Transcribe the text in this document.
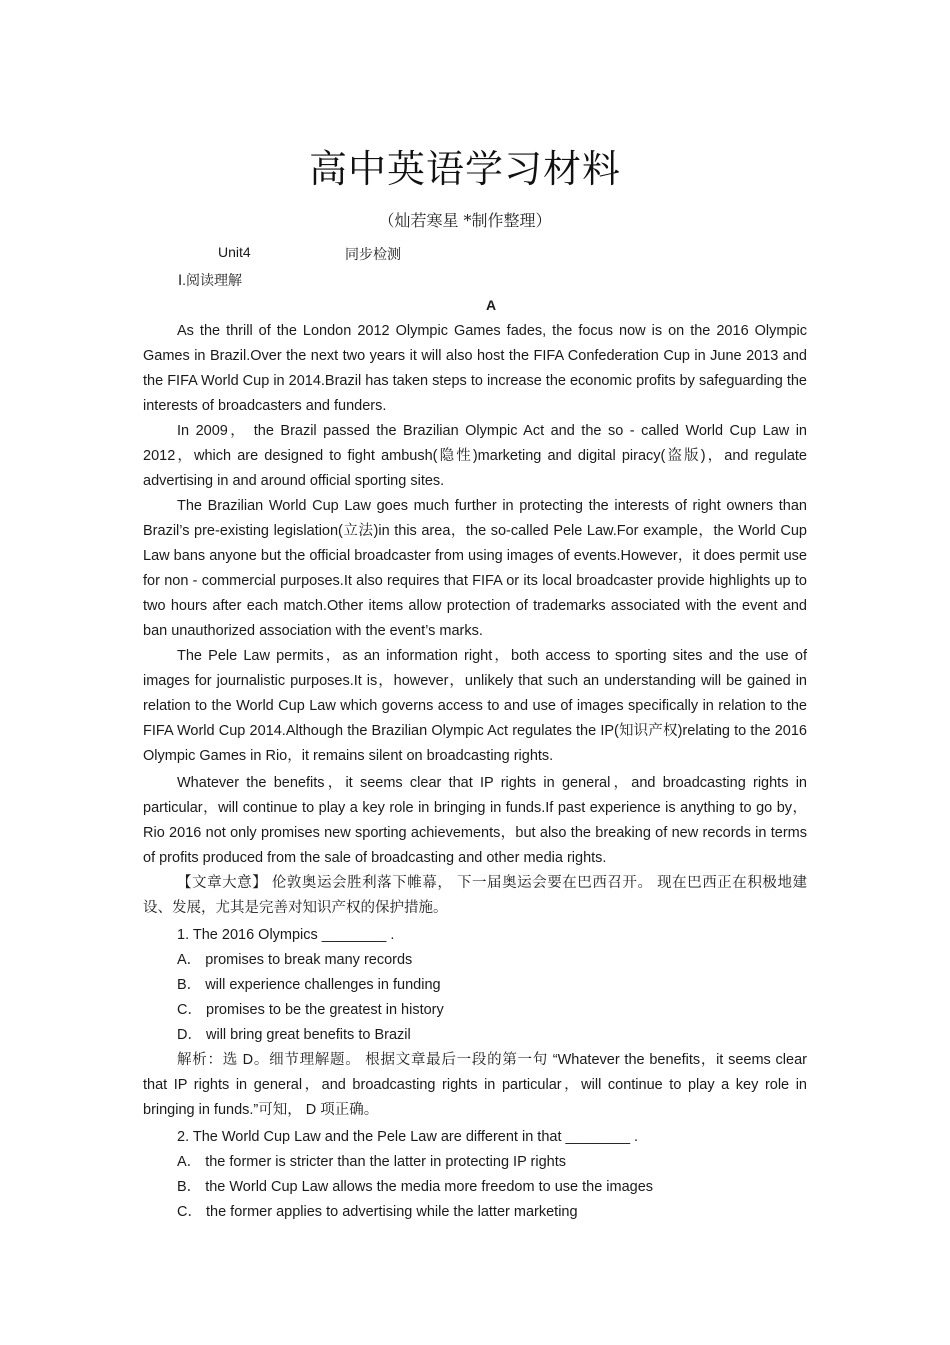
高中英语学习材料
（灿若寒星 *制作整理）
Unit4	同步检测
Ⅰ.阅读理解
A

As the thrill of the London 2012 Olympic Games fades, the focus now is on the 2016 Olympic Games in Brazil.Over the next two years it will also host the FIFA Confederation Cup in June 2013 and the FIFA World Cup in 2014.Brazil has taken steps to increase the economic profits by safeguarding the interests of broadcasters and funders.

In 2009， the Brazil passed the Brazilian Olympic Act and the so - called World Cup Law in 2012，which are designed to fight ambush(隐性)marketing and digital piracy(盗版)，and regulate advertising in and around official sporting sites.

The Brazilian World Cup Law goes much further in protecting the interests of right owners than Brazil’s pre-existing legislation(立法)in this area，the so-called Pele Law.For example，the World Cup Law bans anyone but the official broadcaster from using images of events.However，it does permit use for non - commercial purposes.It also requires that FIFA or its local broadcaster provide highlights up to two hours after each match.Other items allow protection of trademarks associated with the event and ban unauthorized association with the event’s marks.

The Pele Law permits，as an information right，both access to sporting sites and the use of images for journalistic purposes.It is，however，unlikely that such an understanding will be gained in relation to the World Cup Law which governs access to and use of images specifically in relation to the FIFA World Cup 2014.Although the Brazilian Olympic Act regulates the IP(知识产权)relating to the 2016 Olympic Games in Rio，it remains silent on broadcasting rights.

Whatever the benefits，it seems clear that IP rights in general，and broadcasting rights in particular，will continue to play a key role in bringing in funds.If past experience is anything to go by，Rio 2016 not only promises new sporting achievements，but also the breaking of new records in terms of profits produced from the sale of broadcasting and other media rights.

【文章大意】 伦敦奥运会胜利落下帷幕， 下一届奥运会要在巴西召开。 现在巴西正在积极地建设、发展，尤其是完善对知识产权的保护措施。

1. The 2016 Olympics ________ .
A． promises to break many records
B． will experience challenges in funding
C． promises to be the greatest in history
D． will bring great benefits to Brazil

解析：选 D。细节理解题。 根据文章最后一段的第一句 “Whatever the benefits，it seems clear that IP rights in general，and broadcasting rights in particular，will continue to play a key role in bringing in funds.”可知， D 项正确。

2. The World Cup Law and the Pele Law are different in that ________ .
A． the former is stricter than the latter in protecting IP rights
B． the World Cup Law allows the media more freedom to use the images
C． the former applies to advertising while the latter marketing
